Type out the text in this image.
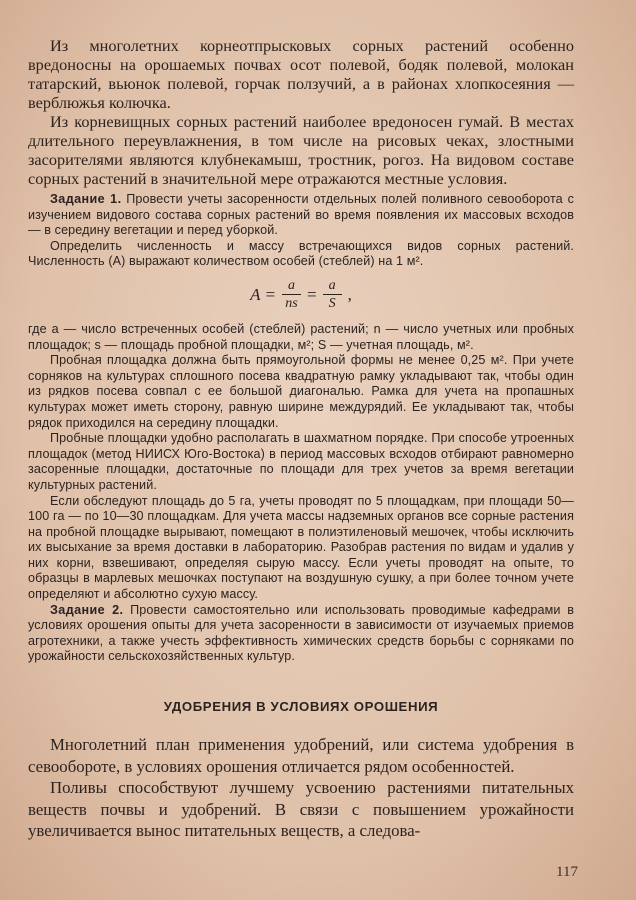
Из многолетних корнеотпрысковых сорных растений особенно вредоносны на орошаемых почвах осот полевой, бодяк полевой, молокан татарский, вьюнок полевой, горчак ползучий, а в районах хлопкосеяния — верблюжья колючка.

Из корневищных сорных растений наиболее вредоносен гумай. В местах длительного переувлажнения, в том числе на рисовых чеках, злостными засорителями являются клубнекамыш, тростник, рогоз. На видовом составе сорных растений в значительной мере отражаются местные условия.

Задание 1. Провести учеты засоренности отдельных полей поливного севооборота с изучением видового состава сорных растений во время появления их массовых всходов — в середину вегетации и перед уборкой.

Определить численность и массу встречающихся видов сорных растений. Численность (A) выражают количеством особей (стеблей) на 1 м².

$A = \frac{a}{ns} = \frac{a}{S}$ ,

где a — число встреченных особей (стеблей) растений; n — число учетных или пробных площадок; s — площадь пробной площадки, м²; S — учетная площадь, м².

Пробная площадка должна быть прямоугольной формы не менее 0,25 м². При учете сорняков на культурах сплошного посева квадратную рамку укладывают так, чтобы один из рядков посева совпал с ее большой диагональю. Рамка для учета на пропашных культурах может иметь сторону, равную ширине междурядий. Ее укладывают так, чтобы рядок приходился на середину площадки.

Пробные площадки удобно располагать в шахматном порядке. При способе утроенных площадок (метод НИИСХ Юго-Востока) в период массовых всходов отбирают равномерно засоренные площадки, достаточные по площади для трех учетов за время вегетации культурных растений.

Если обследуют площадь до 5 га, учеты проводят по 5 площадкам, при площади 50—100 га — по 10—30 площадкам. Для учета массы надземных органов все сорные растения на пробной площадке вырывают, помещают в полиэтиленовый мешочек, чтобы исключить их высыхание за время доставки в лабораторию. Разобрав растения по видам и удалив у них корни, взвешивают, определяя сырую массу. Если учеты проводят на опыте, то образцы в марлевых мешочках поступают на воздушную сушку, а при более точном учете определяют и абсолютно сухую массу.

Задание 2. Провести самостоятельно или использовать проводимые кафедрами в условиях орошения опыты для учета засоренности в зависимости от изучаемых приемов агротехники, а также учесть эффективность химических средств борьбы с сорняками по урожайности сельскохозяйственных культур.

УДОБРЕНИЯ В УСЛОВИЯХ ОРОШЕНИЯ

Многолетний план применения удобрений, или система удобрения в севообороте, в условиях орошения отличается рядом особенностей.

Поливы способствуют лучшему усвоению растениями питательных веществ почвы и удобрений. В связи с повышением урожайности увеличивается вынос питательных веществ, а следова-

117
